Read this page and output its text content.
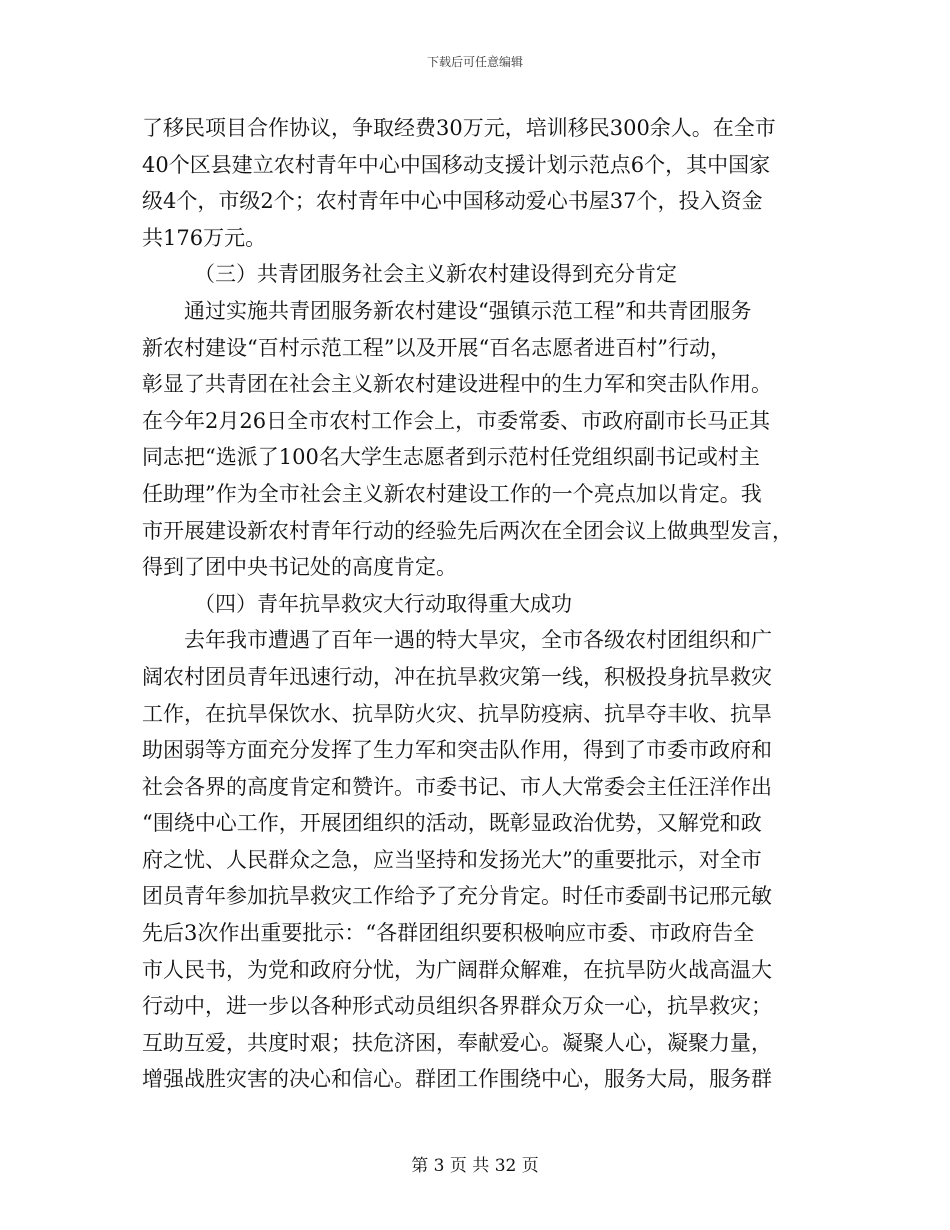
下载后可任意编辑
了移民项目合作协议，争取经费30万元，培训移民300余人。在全市
40个区县建立农村青年中心中国移动支援计划示范点6个，其中国家
级4个，市级2个；农村青年中心中国移动爱心书屋37个，投入资金
共176万元。
（三）共青团服务社会主义新农村建设得到充分肯定
通过实施共青团服务新农村建设“强镇示范工程”和共青团服务
新农村建设“百村示范工程”以及开展“百名志愿者进百村”行动，
彰显了共青团在社会主义新农村建设进程中的生力军和突击队作用。
在今年2月26日全市农村工作会上，市委常委、市政府副市长马正其
同志把“选派了100名大学生志愿者到示范村任党组织副书记或村主
任助理”作为全市社会主义新农村建设工作的一个亮点加以肯定。我
市开展建设新农村青年行动的经验先后两次在全团会议上做典型发言，
得到了团中央书记处的高度肯定。
（四）青年抗旱救灾大行动取得重大成功
去年我市遭遇了百年一遇的特大旱灾，全市各级农村团组织和广
阔农村团员青年迅速行动，冲在抗旱救灾第一线，积极投身抗旱救灾
工作，在抗旱保饮水、抗旱防火灾、抗旱防疫病、抗旱夺丰收、抗旱
助困弱等方面充分发挥了生力军和突击队作用，得到了市委市政府和
社会各界的高度肯定和赞许。市委书记、市人大常委会主任汪洋作出
“围绕中心工作，开展团组织的活动，既彰显政治优势，又解党和政
府之忧、人民群众之急，应当坚持和发扬光大”的重要批示，对全市
团员青年参加抗旱救灾工作给予了充分肯定。时任市委副书记邢元敏
先后3次作出重要批示：“各群团组织要积极响应市委、市政府告全
市人民书，为党和政府分忧，为广阔群众解难，在抗旱防火战高温大
行动中，进一步以各种形式动员组织各界群众万众一心，抗旱救灾；
互助互爱，共度时艰；扶危济困，奉献爱心。凝聚人心，凝聚力量，
增强战胜灾害的决心和信心。群团工作围绕中心，服务大局，服务群
第 3 页 共 32 页
